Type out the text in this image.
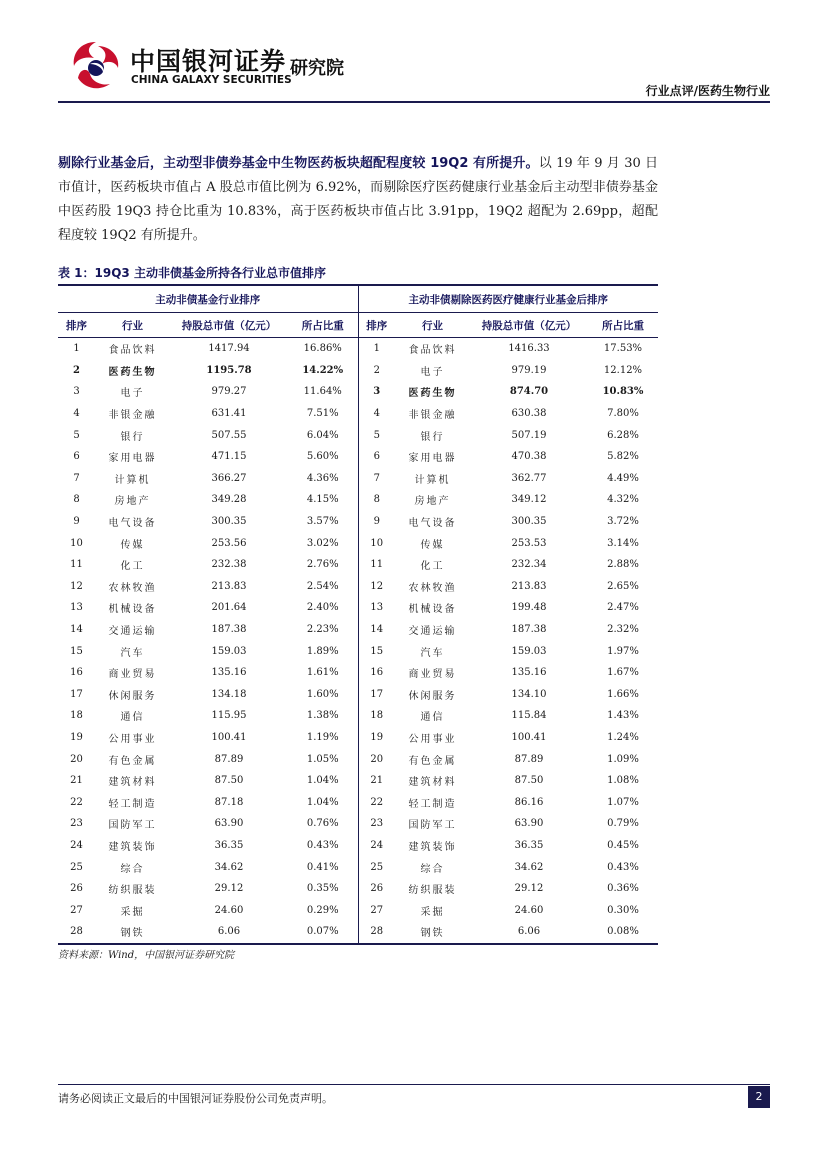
中国银河证券
CHINA GALAXY SECURITIES
研究院
行业点评/医药生物行业
剔除行业基金后，主动型非债券基金中生物医药板块超配程度较 19Q2 有所提升。以 19 年 9 月 30 日市值计，医药板块市值占 A 股总市值比例为 6.92%，而剔除医疗医药健康行业基金后主动型非债券基金中医药股 19Q3 持仓比重为 10.83%，高于医药板块市值占比 3.91pp，19Q2 超配为 2.69pp，超配程度较 19Q2 有所提升。
表 1：19Q3 主动非债基金所持各行业总市值排序
主动非债基金行业排序				主动非债剔除医药医疗健康行业基金后排序			
排序	行业	持股总市值（亿元）	所占比重	排序	行业	持股总市值（亿元）	所占比重
1	食品饮料	1417.94	16.86%	1	食品饮料	1416.33	17.53%
2	医药生物	1195.78	14.22%	2	电子	979.19	12.12%
3	电子	979.27	11.64%	3	医药生物	874.70	10.83%
4	非银金融	631.41	7.51%	4	非银金融	630.38	7.80%
5	银行	507.55	6.04%	5	银行	507.19	6.28%
6	家用电器	471.15	5.60%	6	家用电器	470.38	5.82%
7	计算机	366.27	4.36%	7	计算机	362.77	4.49%
8	房地产	349.28	4.15%	8	房地产	349.12	4.32%
9	电气设备	300.35	3.57%	9	电气设备	300.35	3.72%
10	传媒	253.56	3.02%	10	传媒	253.53	3.14%
11	化工	232.38	2.76%	11	化工	232.34	2.88%
12	农林牧渔	213.83	2.54%	12	农林牧渔	213.83	2.65%
13	机械设备	201.64	2.40%	13	机械设备	199.48	2.47%
14	交通运输	187.38	2.23%	14	交通运输	187.38	2.32%
15	汽车	159.03	1.89%	15	汽车	159.03	1.97%
16	商业贸易	135.16	1.61%	16	商业贸易	135.16	1.67%
17	休闲服务	134.18	1.60%	17	休闲服务	134.10	1.66%
18	通信	115.95	1.38%	18	通信	115.84	1.43%
19	公用事业	100.41	1.19%	19	公用事业	100.41	1.24%
20	有色金属	87.89	1.05%	20	有色金属	87.89	1.09%
21	建筑材料	87.50	1.04%	21	建筑材料	87.50	1.08%
22	轻工制造	87.18	1.04%	22	轻工制造	86.16	1.07%
23	国防军工	63.90	0.76%	23	国防军工	63.90	0.79%
24	建筑装饰	36.35	0.43%	24	建筑装饰	36.35	0.45%
25	综合	34.62	0.41%	25	综合	34.62	0.43%
26	纺织服装	29.12	0.35%	26	纺织服装	29.12	0.36%
27	采掘	24.60	0.29%	27	采掘	24.60	0.30%
28	钢铁	6.06	0.07%	28	钢铁	6.06	0.08%
资料来源：Wind，中国银河证券研究院
请务必阅读正文最后的中国银河证券股份公司免责声明。	2
